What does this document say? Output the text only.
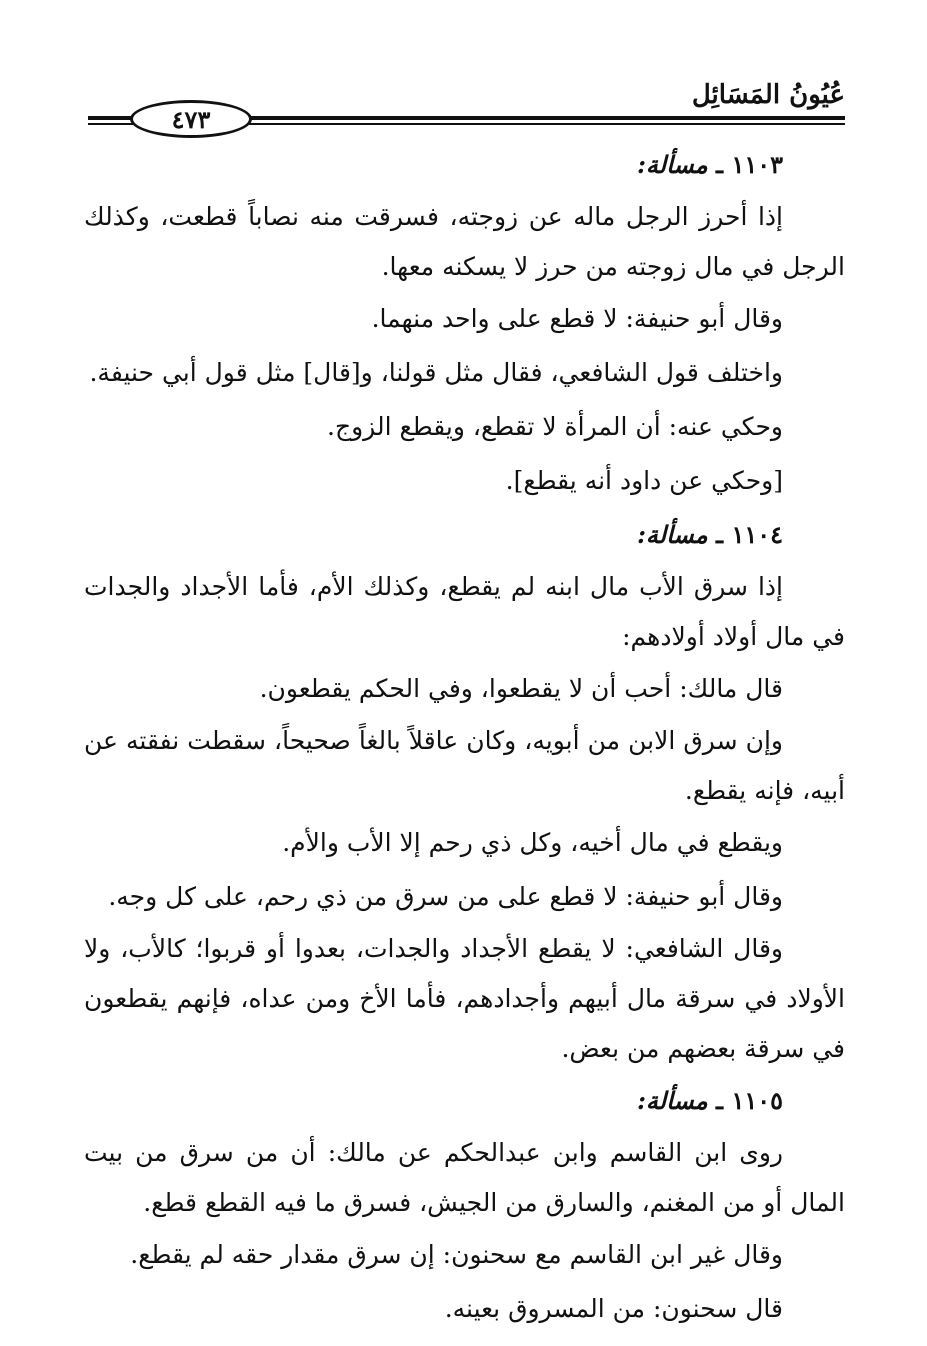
عُيُونُ المَسَائِل
٤٧٣
١١٠٣ ـ مسألة:

إذا أحرز الرجل ماله عن زوجته، فسرقت منه نصاباً قطعت، وكذلك الرجل في مال زوجته من حرز لا يسكنه معها.

وقال أبو حنيفة: لا قطع على واحد منهما.

واختلف قول الشافعي، فقال مثل قولنا، و[قال] مثل قول أبي حنيفة.

وحكي عنه: أن المرأة لا تقطع، ويقطع الزوج.

[وحكي عن داود أنه يقطع].

١١٠٤ ـ مسألة:

إذا سرق الأب مال ابنه لم يقطع، وكذلك الأم، فأما الأجداد والجدات في مال أولاد أولادهم:

قال مالك: أحب أن لا يقطعوا، وفي الحكم يقطعون.

وإن سرق الابن من أبويه، وكان عاقلاً بالغاً صحيحاً، سقطت نفقته عن أبيه، فإنه يقطع.

ويقطع في مال أخيه، وكل ذي رحم إلا الأب والأم.

وقال أبو حنيفة: لا قطع على من سرق من ذي رحم، على كل وجه.

وقال الشافعي: لا يقطع الأجداد والجدات، بعدوا أو قربوا؛ كالأب، ولا الأولاد في سرقة مال أبيهم وأجدادهم، فأما الأخ ومن عداه، فإنهم يقطعون في سرقة بعضهم من بعض.

١١٠٥ ـ مسألة:

روى ابن القاسم وابن عبدالحكم عن مالك: أن من سرق من بيت المال أو من المغنم، والسارق من الجيش، فسرق ما فيه القطع قطع.

وقال غير ابن القاسم مع سحنون: إن سرق مقدار حقه لم يقطع.

قال سحنون: من المسروق بعينه.
